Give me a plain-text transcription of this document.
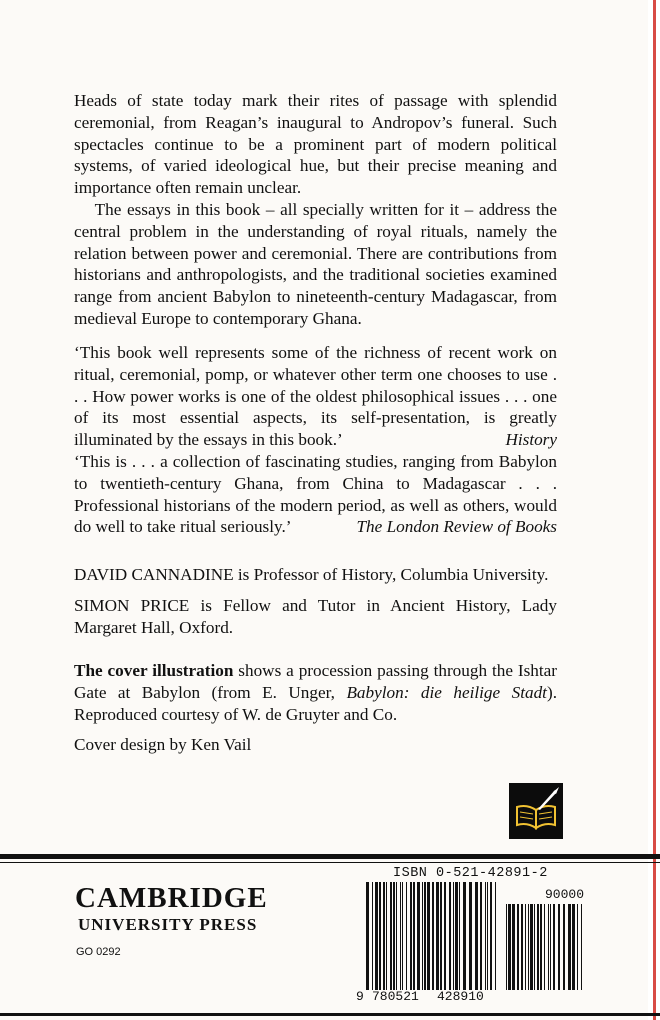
Heads of state today mark their rites of passage with splendid ceremonial, from Reagan’s inaugural to Andropov’s funeral. Such spectacles continue to be a prominent part of modern political systems, of varied ideological hue, but their precise meaning and importance often remain unclear.

The essays in this book – all specially written for it – address the central problem in the understanding of royal rituals, namely the relation between power and ceremonial. There are contributions from historians and anthropologists, and the traditional societies examined range from ancient Babylon to nineteenth-century Madagascar, from medieval Europe to contemporary Ghana.

‘This book well represents some of the richness of recent work on ritual, ceremonial, pomp, or whatever other term one chooses to use . . . How power works is one of the oldest philosophical issues . . . one of its most essential aspects, its self-presentation, is greatly illuminated by the essays in this book.’	History

‘This is . . . a collection of fascinating studies, ranging from Babylon to twentieth-century Ghana, from China to Madagascar . . . Professional historians of the modern period, as well as others, would do well to take ritual seriously.’	The London Review of Books

DAVID CANNADINE is Professor of History, Columbia University.

SIMON PRICE is Fellow and Tutor in Ancient History, Lady Margaret Hall, Oxford.

The cover illustration shows a procession passing through the Ishtar Gate at Babylon (from E. Unger, Babylon: die heilige Stadt). Reproduced courtesy of W. de Gruyter and Co.

Cover design by Ken Vail

CAMBRIDGE
UNIVERSITY PRESS
GO 0292
ISBN 0-521-42891-2
90000
9 780521 428910
